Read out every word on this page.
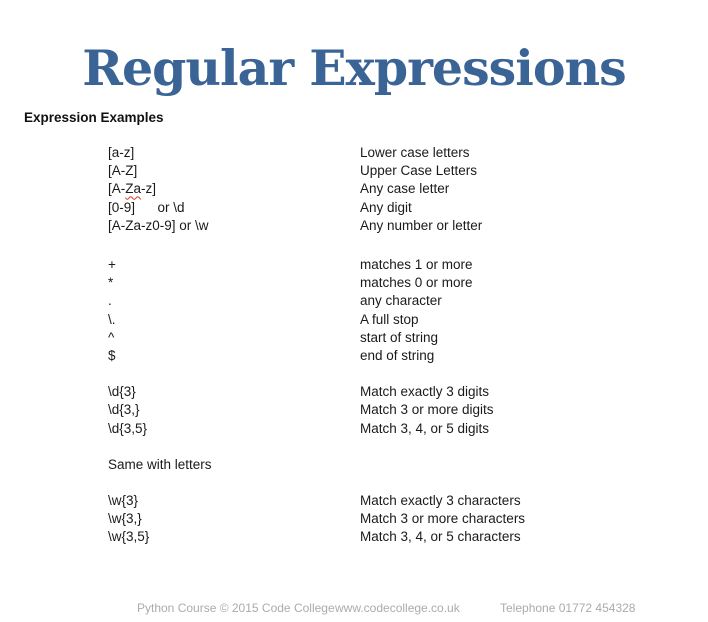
Regular Expressions
Expression Examples
[a-z]	Lower case letters
[A-Z]	Upper Case Letters
[A-Za-z]	Any case letter
[0-9]      or \d	Any digit
[A-Za-z0-9] or \w	Any number or letter
+	matches 1 or more
*	matches 0 or more
.	any character
\.	A full stop
^	start of string
$	end of string
\d{3}	Match exactly 3 digits
\d{3,}	Match 3 or more digits
\d{3,5}	Match 3, 4, or 5 digits
Same with letters
\w{3}	Match exactly 3 characters
\w{3,}	Match 3 or more characters
\w{3,5}	Match 3, 4, or 5 characters
Python Course © 2015 Code College www.codecollege.co.uk	Telephone 01772 454328
